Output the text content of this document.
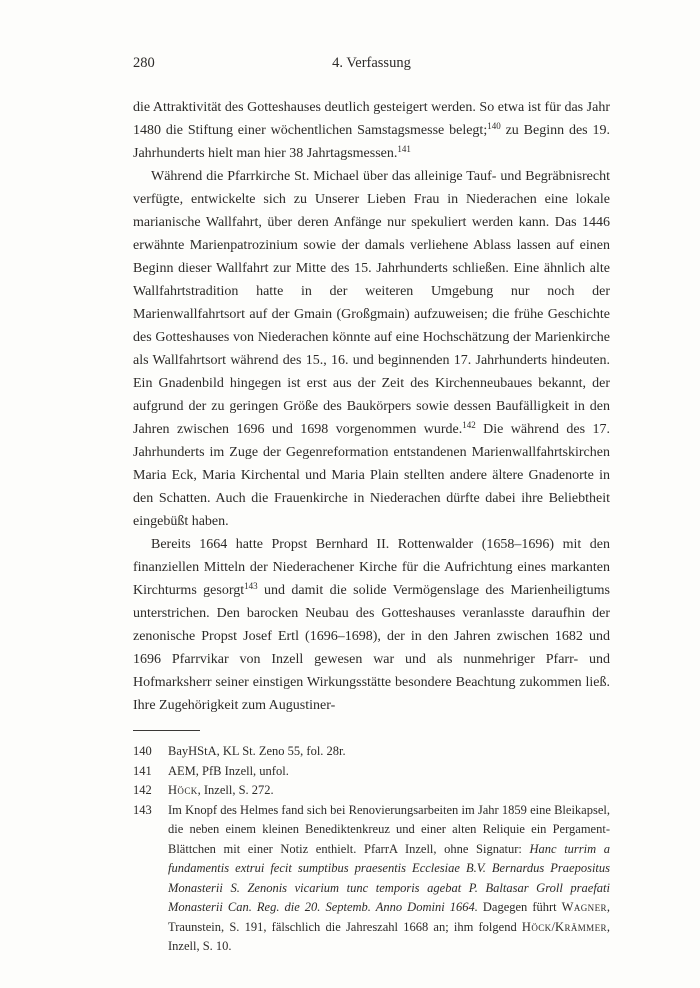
280	4. Verfassung

die Attraktivität des Gotteshauses deutlich gesteigert werden. So etwa ist für das Jahr 1480 die Stiftung einer wöchentlichen Samstagsmesse belegt;$^{140}$ zu Beginn des 19. Jahrhunderts hielt man hier 38 Jahrtagsmessen.$^{141}$

Während die Pfarrkirche St. Michael über das alleinige Tauf- und Begräbnisrecht verfügte, entwickelte sich zu Unserer Lieben Frau in Niederachen eine lokale marianische Wallfahrt, über deren Anfänge nur spekuliert werden kann. Das 1446 erwähnte Marienpatrozinium sowie der damals verliehene Ablass lassen auf einen Beginn dieser Wallfahrt zur Mitte des 15. Jahrhunderts schließen. Eine ähnlich alte Wallfahrtstradition hatte in der weiteren Umgebung nur noch der Marienwallfahrtsort auf der Gmain (Großgmain) aufzuweisen; die frühe Geschichte des Gotteshauses von Niederachen könnte auf eine Hochschätzung der Marienkirche als Wallfahrtsort während des 15., 16. und beginnenden 17. Jahrhunderts hindeuten. Ein Gnadenbild hingegen ist erst aus der Zeit des Kirchenneubaues bekannt, der aufgrund der zu geringen Größe des Baukörpers sowie dessen Baufälligkeit in den Jahren zwischen 1696 und 1698 vorgenommen wurde.$^{142}$ Die während des 17. Jahrhunderts im Zuge der Gegenreformation entstandenen Marienwallfahrtskirchen Maria Eck, Maria Kirchental und Maria Plain stellten andere ältere Gnadenorte in den Schatten. Auch die Frauenkirche in Niederachen dürfte dabei ihre Beliebtheit eingebüßt haben.

Bereits 1664 hatte Propst Bernhard II. Rottenwalder (1658–1696) mit den finanziellen Mitteln der Niederachener Kirche für die Aufrichtung eines markanten Kirchturms gesorgt$^{143}$ und damit die solide Vermögenslage des Marienheiligtums unterstrichen. Den barocken Neubau des Gotteshauses veranlasste daraufhin der zenonische Propst Josef Ertl (1696–1698), der in den Jahren zwischen 1682 und 1696 Pfarrvikar von Inzell gewesen war und als nunmehriger Pfarr- und Hofmarksherr seiner einstigen Wirkungsstätte besondere Beachtung zukommen ließ. Ihre Zugehörigkeit zum Augustiner-

140	BayHStA, KL St. Zeno 55, fol. 28r.
141	AEM, PfB Inzell, unfol.
142	Höck, Inzell, S. 272.
143	Im Knopf des Helmes fand sich bei Renovierungsarbeiten im Jahr 1859 eine Bleikapsel, die neben einem kleinen Benediktenkreuz und einer alten Reliquie ein Pergament-Blättchen mit einer Notiz enthielt. PfarrA Inzell, ohne Signatur: Hanc turrim a fundamentis extrui fecit sumptibus praesentis Ecclesiae B.V. Bernardus Praepositus Monasterii S. Zenonis vicarium tunc temporis agebat P. Baltasar Groll praefati Monasterii Can. Reg. die 20. Septemb. Anno Domini 1664. Dagegen führt Wagner, Traunstein, S. 191, fälschlich die Jahreszahl 1668 an; ihm folgend Höck/Krämmer, Inzell, S. 10.
